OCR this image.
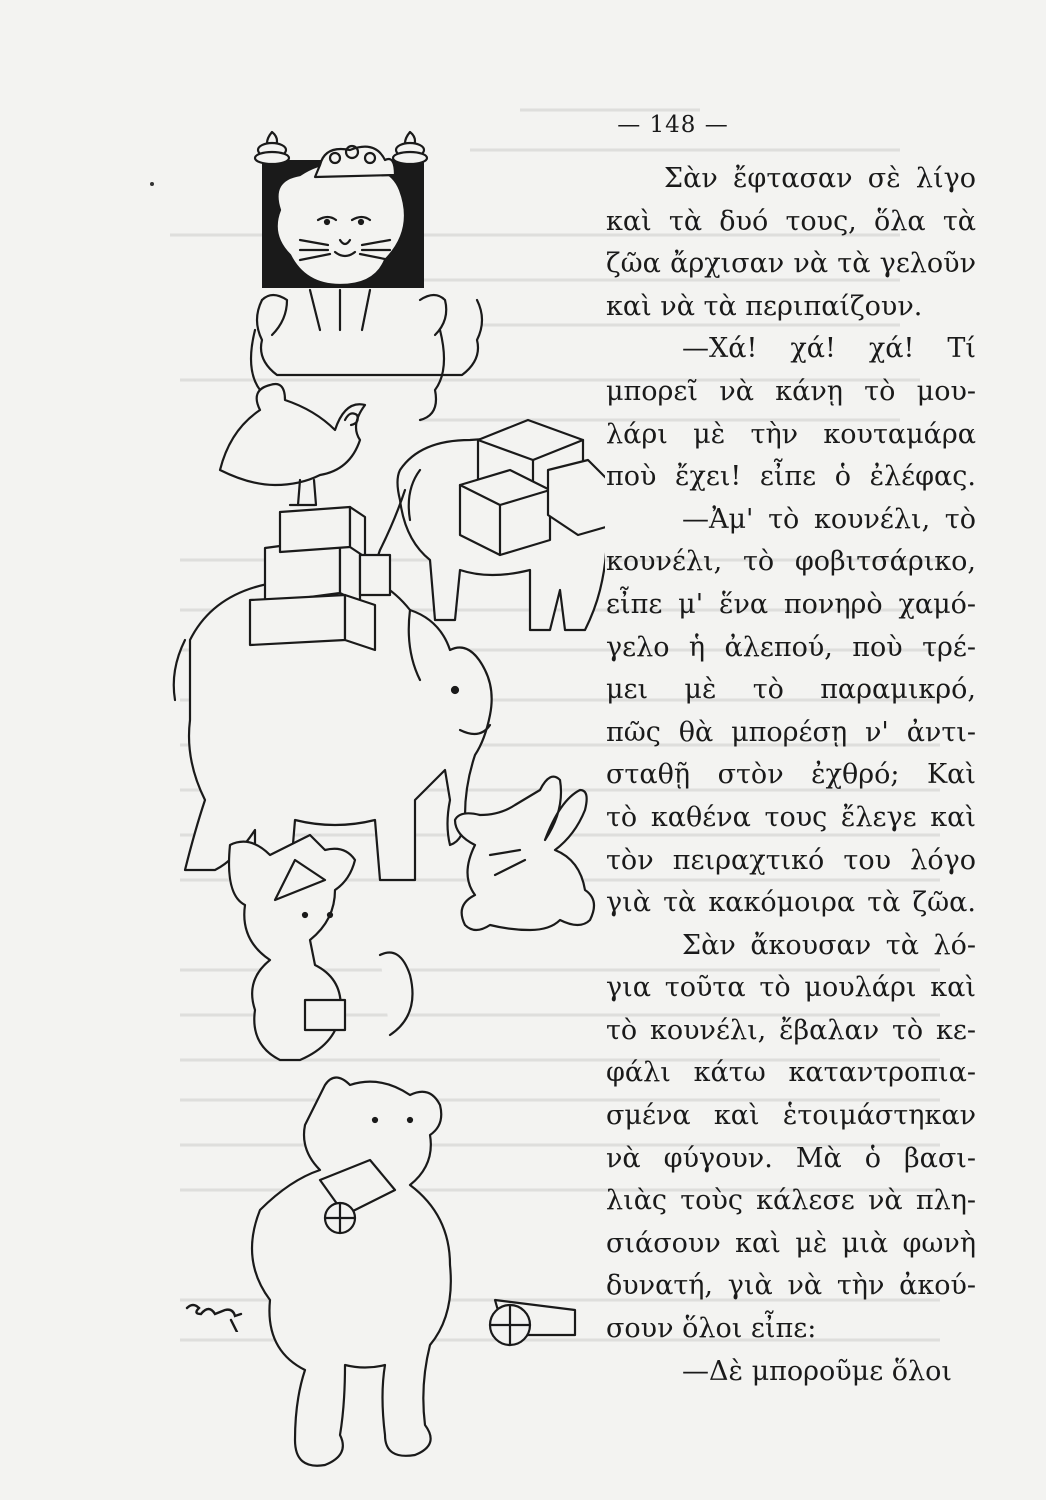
— 148 —
Σὰν ἔφτασαν σὲ λίγο
καὶ τὰ δυό τους, ὅλα τὰ
ζῶα ἄρχισαν νὰ τὰ γελοῦν
καὶ νὰ τὰ περιπαίζουν.
—Χά! χά! χά! Τί
μπορεῖ νὰ κάνῃ τὸ μου-
λάρι μὲ τὴν κουταμάρα
ποὺ ἔχει! εἶπε ὁ ἐλέφας.
—Ἀμ' τὸ κουνέλι, τὸ
κουνέλι, τὸ φοβιτσάρικο,
εἶπε μ' ἕνα πονηρὸ χαμό-
γελο ἡ ἀλεπού, ποὺ τρέ-
μει μὲ τὸ παραμικρό,
πῶς θὰ μπορέσῃ ν' ἀντι-
σταθῇ στὸν ἐχθρό; Καὶ
τὸ καθένα τους ἔλεγε καὶ
τὸν πειραχτικό του λόγο
γιὰ τὰ κακόμοιρα τὰ ζῶα.
Σὰν ἄκουσαν τὰ λό-
για τοῦτα τὸ μουλάρι καὶ
τὸ κουνέλι, ἔβαλαν τὸ κε-
φάλι κάτω καταντροπια-
σμένα καὶ ἑτοιμάστηκαν
νὰ φύγουν. Μὰ ὁ βασι-
λιὰς τοὺς κάλεσε νὰ πλη-
σιάσουν καὶ μὲ μιὰ φωνὴ
δυνατή, γιὰ νὰ τὴν ἀκού-
σουν ὅλοι εἶπε:
—Δὲ μποροῦμε ὅλοι
